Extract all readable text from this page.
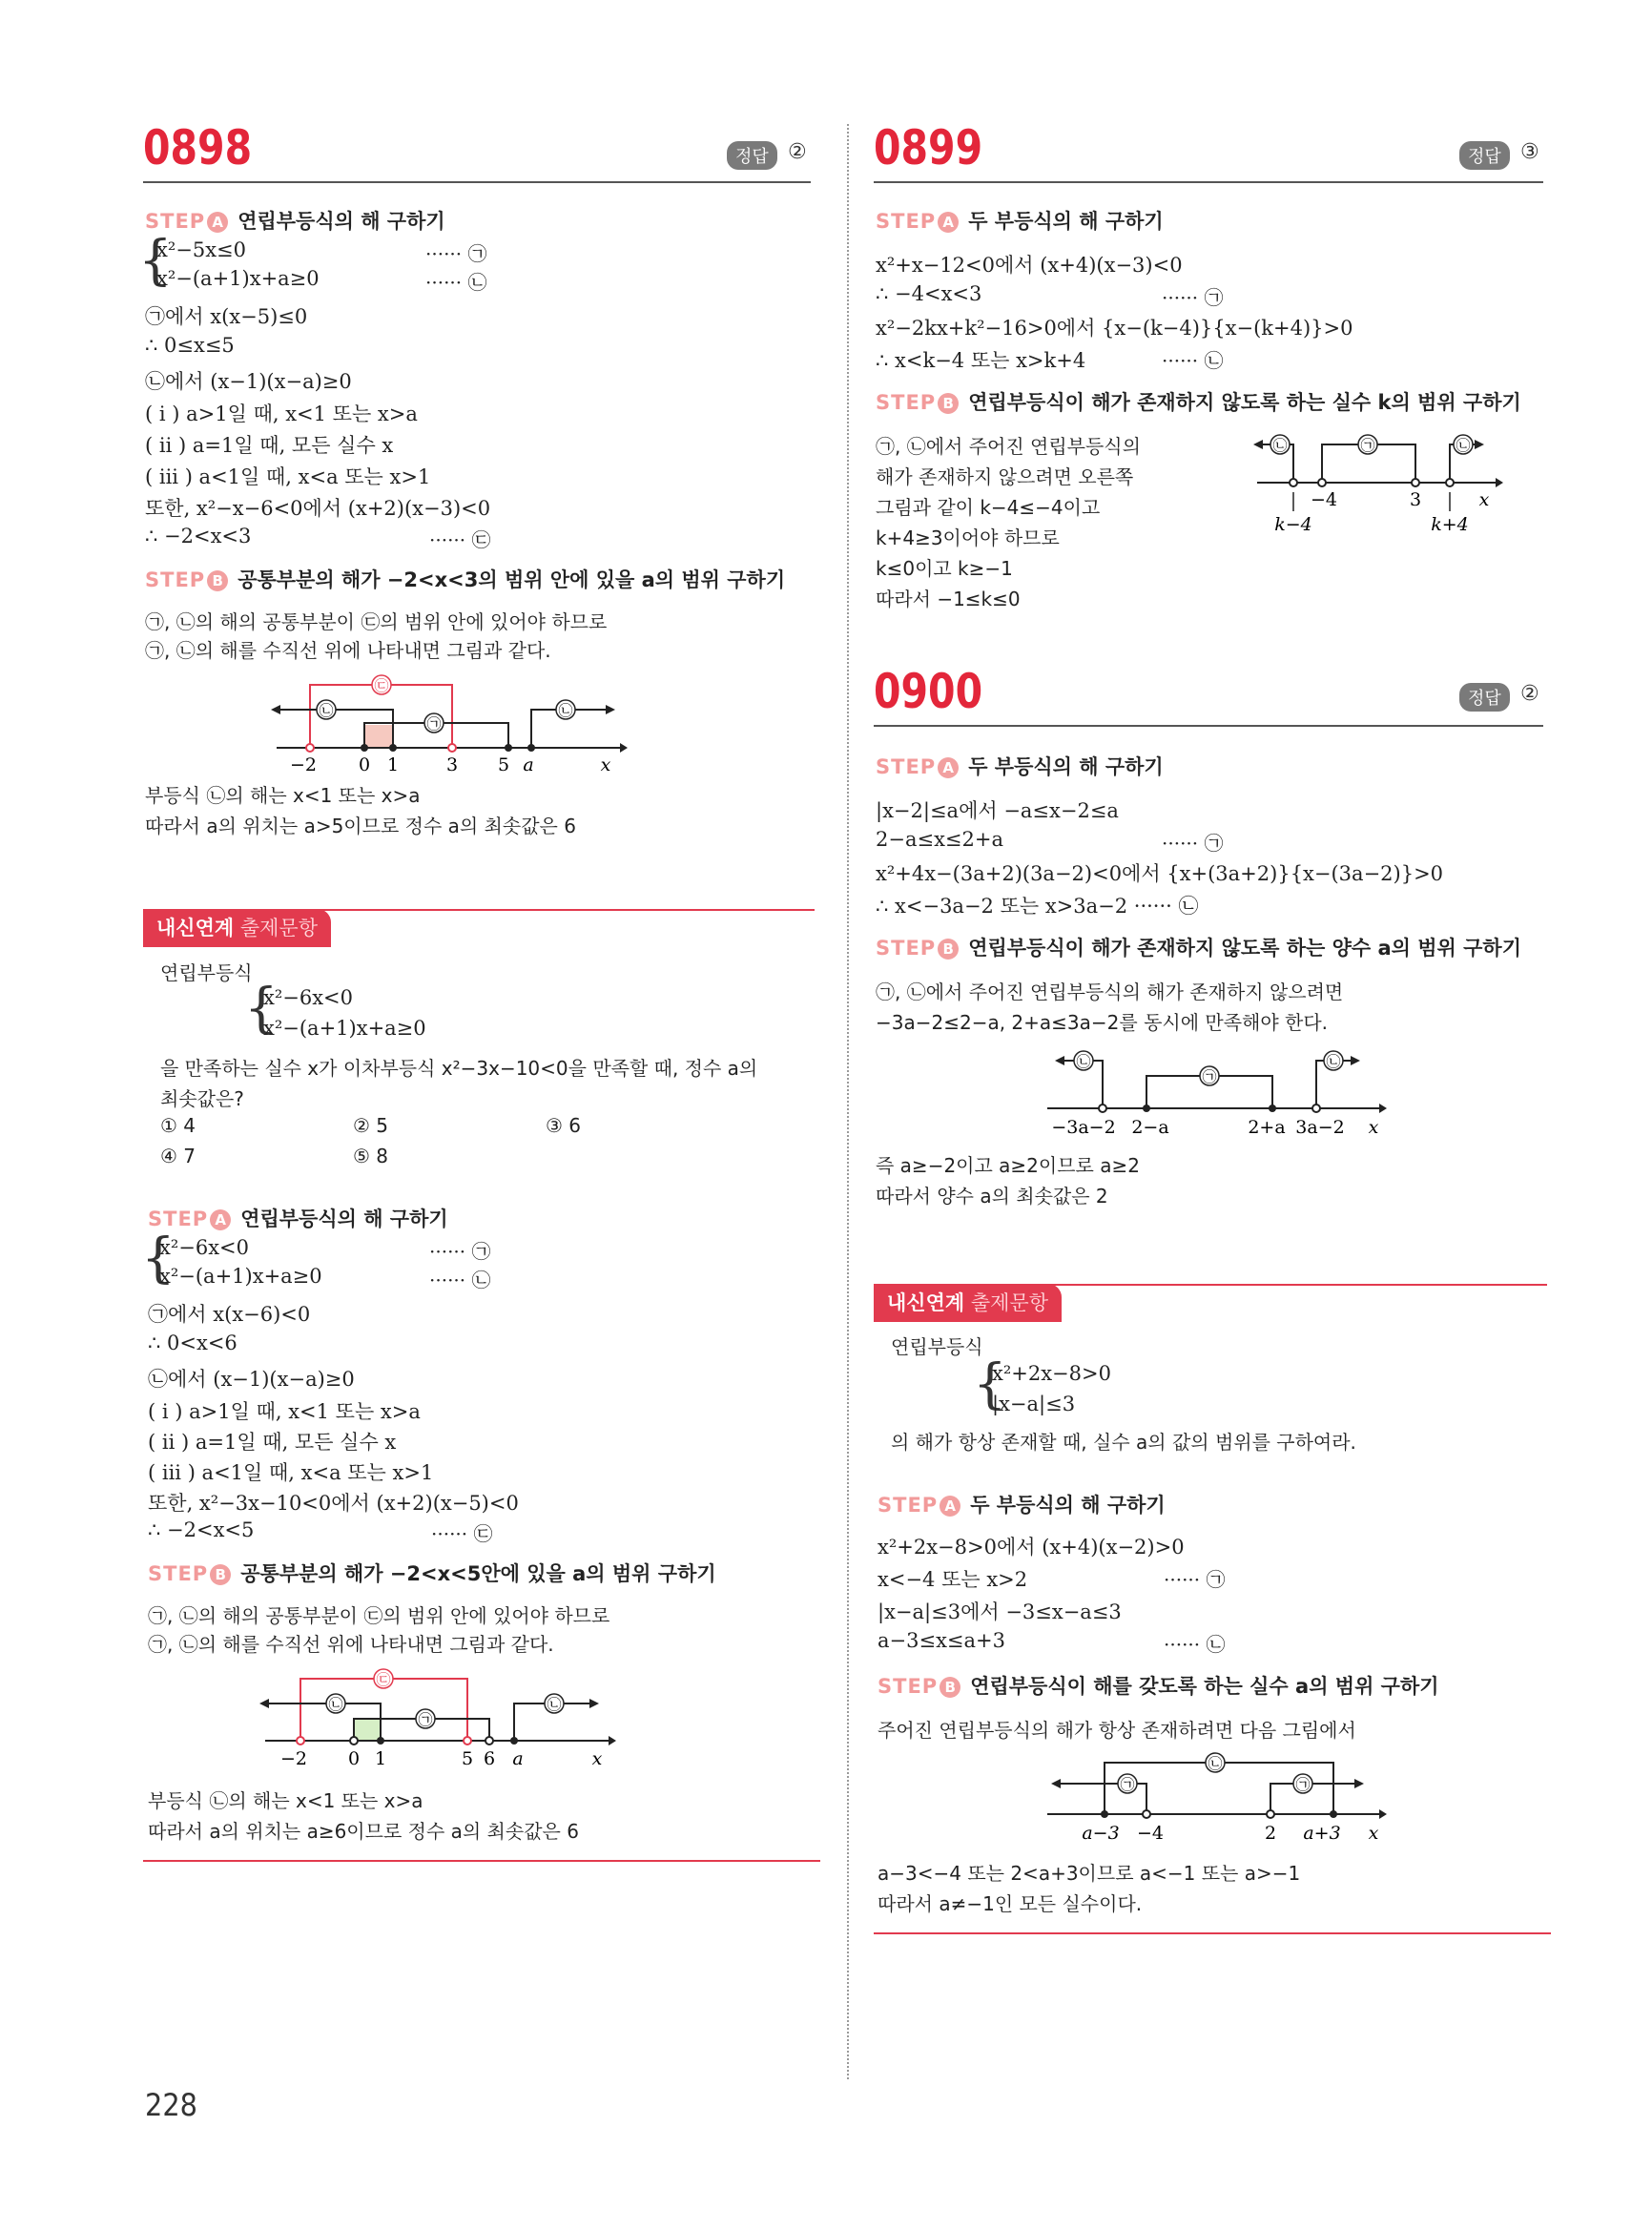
0898	정답 ②
STEP A 연립부등식의 해 구하기
{
x²−5x≤0
x²−(a+1)x+a≥0
······ ㉠
······ ㉡
㉠에서 x(x−5)≤0
∴ 0≤x≤5
㉡에서 (x−1)(x−a)≥0
( i ) a>1일 때, x<1 또는 x>a
( ii ) a=1일 때, 모든 실수 x
( iii ) a<1일 때, x<a 또는 x>1
또한, x²−x−6<0에서 (x+2)(x−3)<0
∴ −2<x<3	······ ㉢
STEP B 공통부분의 해가 −2<x<3의 범위 안에 있을 a의 범위 구하기
㉠, ㉡의 해의 공통부분이 ㉢의 범위 안에 있어야 하므로
㉠, ㉡의 해를 수직선 위에 나타내면 그림과 같다.
㉢
㉡
㉠
㉡
−2 0 1	3 5 a	x
부등식 ㉡의 해는 x<1 또는 x>a
따라서 a의 위치는 a>5이므로 정수 a의 최솟값은 6
내신연계 출제문항
연립부등식
{
x²−6x<0
x²−(a+1)x+a≥0
을 만족하는 실수 x가 이차부등식 x²−3x−10<0을 만족할 때, 정수 a의
최솟값은?
① 4	② 5	③ 6
④ 7	⑤ 8
STEP A 연립부등식의 해 구하기
{
x²−6x<0
x²−(a+1)x+a≥0
······ ㉠
······ ㉡
㉠에서 x(x−6)<0
∴ 0<x<6
㉡에서 (x−1)(x−a)≥0
( i ) a>1일 때, x<1 또는 x>a
( ii ) a=1일 때, 모든 실수 x
( iii ) a<1일 때, x<a 또는 x>1
또한, x²−3x−10<0에서 (x+2)(x−5)<0
∴ −2<x<5	······ ㉢
STEP B 공통부분의 해가 −2<x<5안에 있을 a의 범위 구하기
㉠, ㉡의 해의 공통부분이 ㉢의 범위 안에 있어야 하므로
㉠, ㉡의 해를 수직선 위에 나타내면 그림과 같다.
㉢
㉡
㉠
㉡
−2 0 1	5 6 a	x
부등식 ㉡의 해는 x<1 또는 x>a
따라서 a의 위치는 a≥6이므로 정수 a의 최솟값은 6
0899	정답 ③
STEP A 두 부등식의 해 구하기
x²+x−12<0에서 (x+4)(x−3)<0
∴ −4<x<3	······ ㉠
x²−2kx+k²−16>0에서 {x−(k−4)}{x−(k+4)}>0
∴ x<k−4 또는 x>k+4	······ ㉡
STEP B 연립부등식이 해가 존재하지 않도록 하는 실수 k의 범위 구하기
㉠, ㉡에서 주어진 연립부등식의
해가 존재하지 않으려면 오른쪽
그림과 같이 k−4≤−4이고
k+4≥3이어야 하므로
k≤0이고 k≥−1
따라서 −1≤k≤0
㉡	㉠	㉡
−4	3	x
k−4	k+4
0900	정답 ②
STEP A 두 부등식의 해 구하기
|x−2|≤a에서 −a≤x−2≤a
2−a≤x≤2+a	······ ㉠
x²+4x−(3a+2)(3a−2)<0에서 {x+(3a+2)}{x−(3a−2)}>0
∴ x<−3a−2 또는 x>3a−2 ······ ㉡
STEP B 연립부등식이 해가 존재하지 않도록 하는 양수 a의 범위 구하기
㉠, ㉡에서 주어진 연립부등식의 해가 존재하지 않으려면
−3a−2≤2−a, 2+a≤3a−2를 동시에 만족해야 한다.
㉡
㉠
㉡
−3a−2 2−a	2+a 3a−2 x
즉 a≥−2이고 a≥2이므로 a≥2
따라서 양수 a의 최솟값은 2
내신연계 출제문항
연립부등식
{
x²+2x−8>0
|x−a|≤3
의 해가 항상 존재할 때, 실수 a의 값의 범위를 구하여라.
STEP A 두 부등식의 해 구하기
x²+2x−8>0에서 (x+4)(x−2)>0
x<−4 또는 x>2	······ ㉠
|x−a|≤3에서 −3≤x−a≤3
a−3≤x≤a+3	······ ㉡
STEP B 연립부등식이 해를 갖도록 하는 실수 a의 범위 구하기
주어진 연립부등식의 해가 항상 존재하려면 다음 그림에서
㉡
㉠	㉠
a−3 −4	2 a+3 x
a−3<−4 또는 2<a+3이므로 a<−1 또는 a>−1
따라서 a≠−1인 모든 실수이다.
228
